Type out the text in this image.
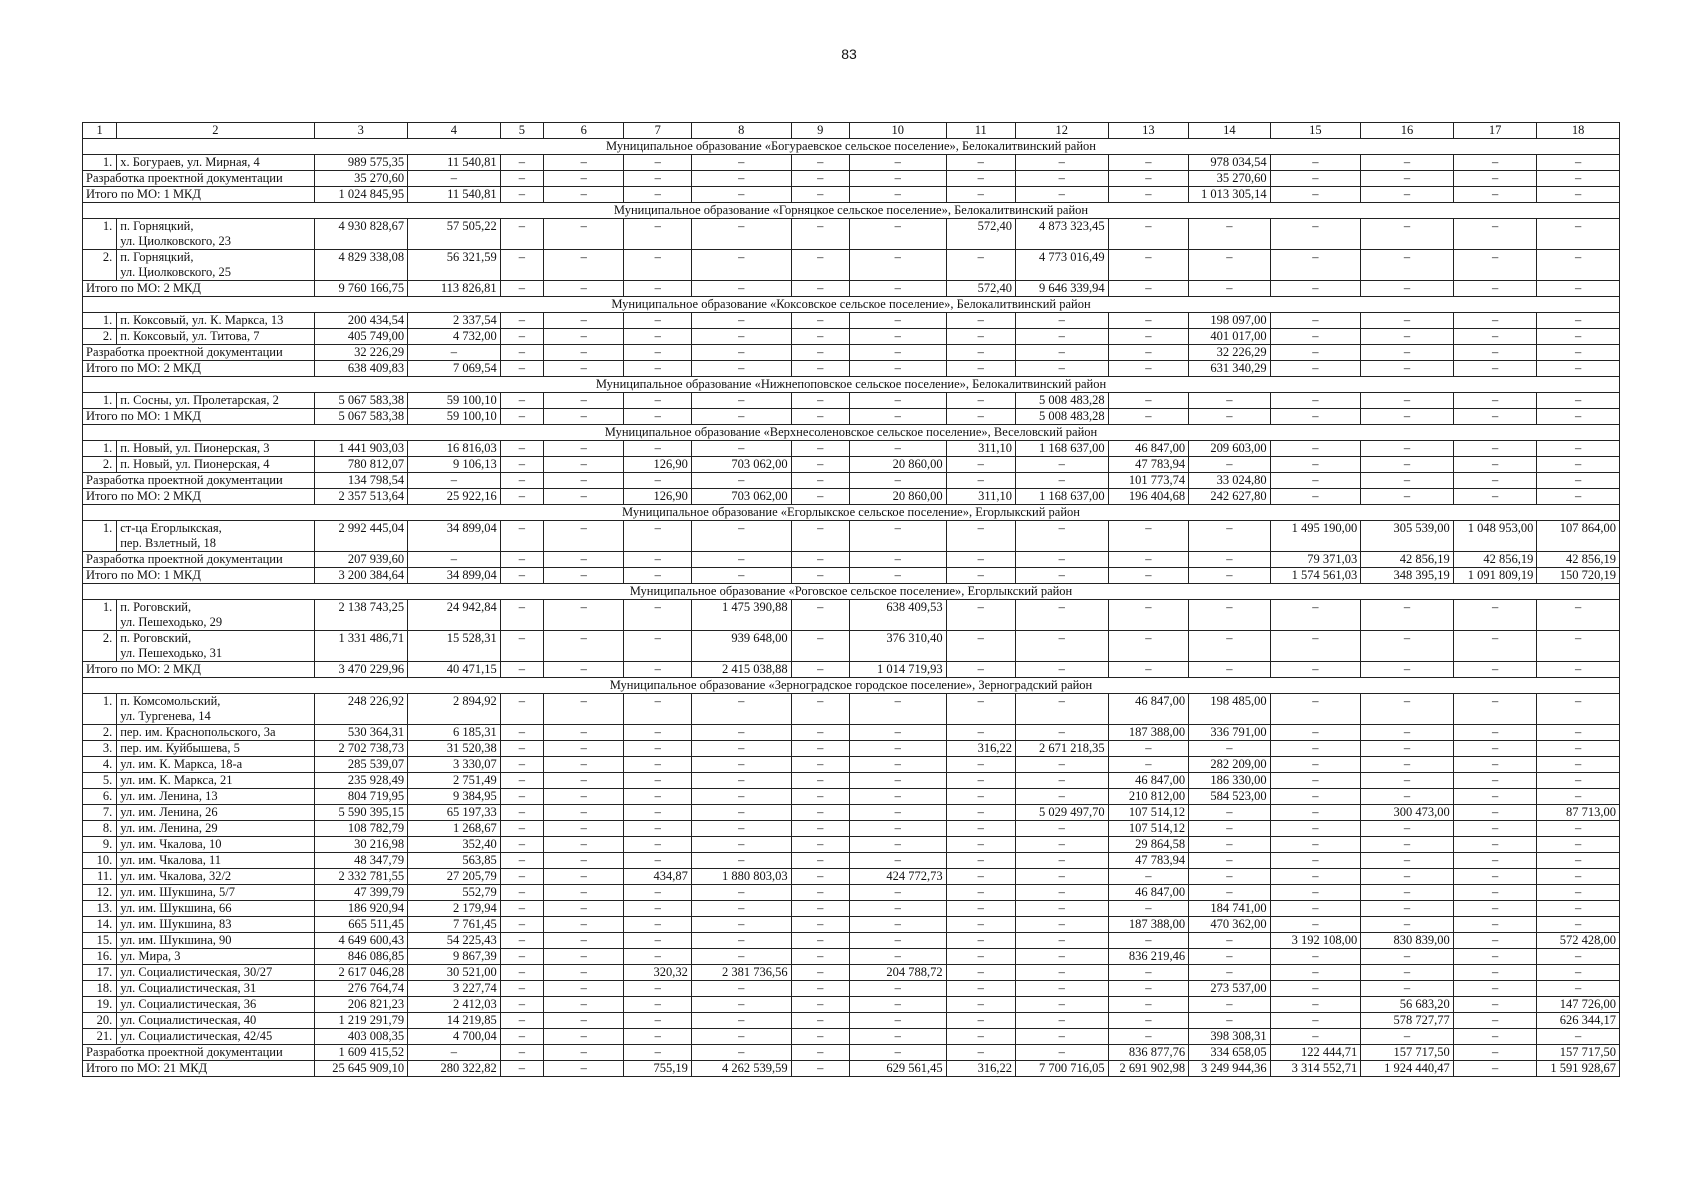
83
1	2	3	4	5	6	7	8	9	10	11	12	13	14	15	16	17	18
Муниципальное образование «Богураевское сельское поселение», Белокалитвинский район																	
1.	х. Богураев, ул. Мирная, 4	989 575,35	11 540,81	–	–	–	–	–	–	–	–	–	978 034,54	–	–	–	–
Разработка проектной документации		35 270,60	–	–	–	–	–	–	–	–	–	–	35 270,60	–	–	–	–
Итого по МО: 1 МКД		1 024 845,95	11 540,81	–	–	–	–	–	–	–	–	–	1 013 305,14	–	–	–	–
Муниципальное образование «Горняцкое сельское поселение», Белокалитвинский район																	
1.	п. Горняцкий,
ул. Циолковского, 23	4 930 828,67	57 505,22	–	–	–	–	–	–	572,40	4 873 323,45	–	–	–	–	–	–
2.	п. Горняцкий,
ул. Циолковского, 25	4 829 338,08	56 321,59	–	–	–	–	–	–	–	4 773 016,49	–	–	–	–	–	–
Итого по МО: 2 МКД		9 760 166,75	113 826,81	–	–	–	–	–	–	572,40	9 646 339,94	–	–	–	–	–	–
Муниципальное образование «Коксовское сельское поселение», Белокалитвинский район																	
1.	п. Коксовый, ул. К. Маркса, 13	200 434,54	2 337,54	–	–	–	–	–	–	–	–	–	198 097,00	–	–	–	–
2.	п. Коксовый, ул. Титова, 7	405 749,00	4 732,00	–	–	–	–	–	–	–	–	–	401 017,00	–	–	–	–
Разработка проектной документации		32 226,29	–	–	–	–	–	–	–	–	–	–	32 226,29	–	–	–	–
Итого по МО: 2 МКД		638 409,83	7 069,54	–	–	–	–	–	–	–	–	–	631 340,29	–	–	–	–
Муниципальное образование «Нижнепоповское сельское поселение», Белокалитвинский район																	
1.	п. Сосны, ул. Пролетарская, 2	5 067 583,38	59 100,10	–	–	–	–	–	–	–	5 008 483,28	–	–	–	–	–	–
Итого по МО: 1 МКД		5 067 583,38	59 100,10	–	–	–	–	–	–	–	5 008 483,28	–	–	–	–	–	–
Муниципальное образование «Верхнесоленовское сельское поселение», Веселовский район																	
1.	п. Новый, ул. Пионерская, 3	1 441 903,03	16 816,03	–	–	–	–	–	–	311,10	1 168 637,00	46 847,00	209 603,00	–	–	–	–
2.	п. Новый, ул. Пионерская, 4	780 812,07	9 106,13	–	–	126,90	703 062,00	–	20 860,00	–	–	47 783,94	–	–	–	–	–
Разработка проектной документации		134 798,54	–	–	–	–	–	–	–	–	–	101 773,74	33 024,80	–	–	–	–
Итого по МО: 2 МКД		2 357 513,64	25 922,16	–	–	126,90	703 062,00	–	20 860,00	311,10	1 168 637,00	196 404,68	242 627,80	–	–	–	–
Муниципальное образование «Егорлыкское сельское поселение», Егорлыкский район																	
1.	ст-ца Егорлыкская,
пер. Взлетный, 18	2 992 445,04	34 899,04	–	–	–	–	–	–	–	–	–	–	1 495 190,00	305 539,00	1 048 953,00	107 864,00
Разработка проектной документации		207 939,60	–	–	–	–	–	–	–	–	–	–	–	79 371,03	42 856,19	42 856,19	42 856,19
Итого по МО: 1 МКД		3 200 384,64	34 899,04	–	–	–	–	–	–	–	–	–	–	1 574 561,03	348 395,19	1 091 809,19	150 720,19
Муниципальное образование «Роговское сельское поселение», Егорлыкский район																	
1.	п. Роговский,
ул. Пешеходько, 29	2 138 743,25	24 942,84	–	–	–	1 475 390,88	–	638 409,53	–	–	–	–	–	–	–	–
2.	п. Роговский,
ул. Пешеходько, 31	1 331 486,71	15 528,31	–	–	–	939 648,00	–	376 310,40	–	–	–	–	–	–	–	–
Итого по МО: 2 МКД		3 470 229,96	40 471,15	–	–	–	2 415 038,88	–	1 014 719,93	–	–	–	–	–	–	–	–
Муниципальное образование «Зерноградское городское поселение», Зерноградский район																	
1.	п. Комсомольский,
ул. Тургенева, 14	248 226,92	2 894,92	–	–	–	–	–	–	–	–	46 847,00	198 485,00	–	–	–	–
2.	пер. им. Краснопольского, 3а	530 364,31	6 185,31	–	–	–	–	–	–	–	–	187 388,00	336 791,00	–	–	–	–
3.	пер. им. Куйбышева, 5	2 702 738,73	31 520,38	–	–	–	–	–	–	316,22	2 671 218,35	–	–	–	–	–	–
4.	ул. им. К. Маркса, 18-а	285 539,07	3 330,07	–	–	–	–	–	–	–	–	–	282 209,00	–	–	–	–
5.	ул. им. К. Маркса, 21	235 928,49	2 751,49	–	–	–	–	–	–	–	–	46 847,00	186 330,00	–	–	–	–
6.	ул. им. Ленина, 13	804 719,95	9 384,95	–	–	–	–	–	–	–	–	210 812,00	584 523,00	–	–	–	–
7.	ул. им. Ленина, 26	5 590 395,15	65 197,33	–	–	–	–	–	–	–	5 029 497,70	107 514,12	–	–	300 473,00	–	87 713,00
8.	ул. им. Ленина, 29	108 782,79	1 268,67	–	–	–	–	–	–	–	–	107 514,12	–	–	–	–	–
9.	ул. им. Чкалова, 10	30 216,98	352,40	–	–	–	–	–	–	–	–	29 864,58	–	–	–	–	–
10.	ул. им. Чкалова, 11	48 347,79	563,85	–	–	–	–	–	–	–	–	47 783,94	–	–	–	–	–
11.	ул. им. Чкалова, 32/2	2 332 781,55	27 205,79	–	–	434,87	1 880 803,03	–	424 772,73	–	–	–	–	–	–	–	–
12.	ул. им. Шукшина, 5/7	47 399,79	552,79	–	–	–	–	–	–	–	–	46 847,00	–	–	–	–	–
13.	ул. им. Шукшина, 66	186 920,94	2 179,94	–	–	–	–	–	–	–	–	–	184 741,00	–	–	–	–
14.	ул. им. Шукшина, 83	665 511,45	7 761,45	–	–	–	–	–	–	–	–	187 388,00	470 362,00	–	–	–	–
15.	ул. им. Шукшина, 90	4 649 600,43	54 225,43	–	–	–	–	–	–	–	–	–	–	3 192 108,00	830 839,00	–	572 428,00
16.	ул. Мира, 3	846 086,85	9 867,39	–	–	–	–	–	–	–	–	836 219,46	–	–	–	–	–
17.	ул. Социалистическая, 30/27	2 617 046,28	30 521,00	–	–	320,32	2 381 736,56	–	204 788,72	–	–	–	–	–	–	–	–
18.	ул. Социалистическая, 31	276 764,74	3 227,74	–	–	–	–	–	–	–	–	–	273 537,00	–	–	–	–
19.	ул. Социалистическая, 36	206 821,23	2 412,03	–	–	–	–	–	–	–	–	–	–	–	56 683,20	–	147 726,00
20.	ул. Социалистическая, 40	1 219 291,79	14 219,85	–	–	–	–	–	–	–	–	–	–	–	578 727,77	–	626 344,17
21.	ул. Социалистическая, 42/45	403 008,35	4 700,04	–	–	–	–	–	–	–	–	–	398 308,31	–	–	–	–
Разработка проектной документации		1 609 415,52	–	–	–	–	–	–	–	–	–	836 877,76	334 658,05	122 444,71	157 717,50	–	157 717,50
Итого по МО: 21 МКД		25 645 909,10	280 322,82	–	–	755,19	4 262 539,59	–	629 561,45	316,22	7 700 716,05	2 691 902,98	3 249 944,36	3 314 552,71	1 924 440,47	–	1 591 928,67
